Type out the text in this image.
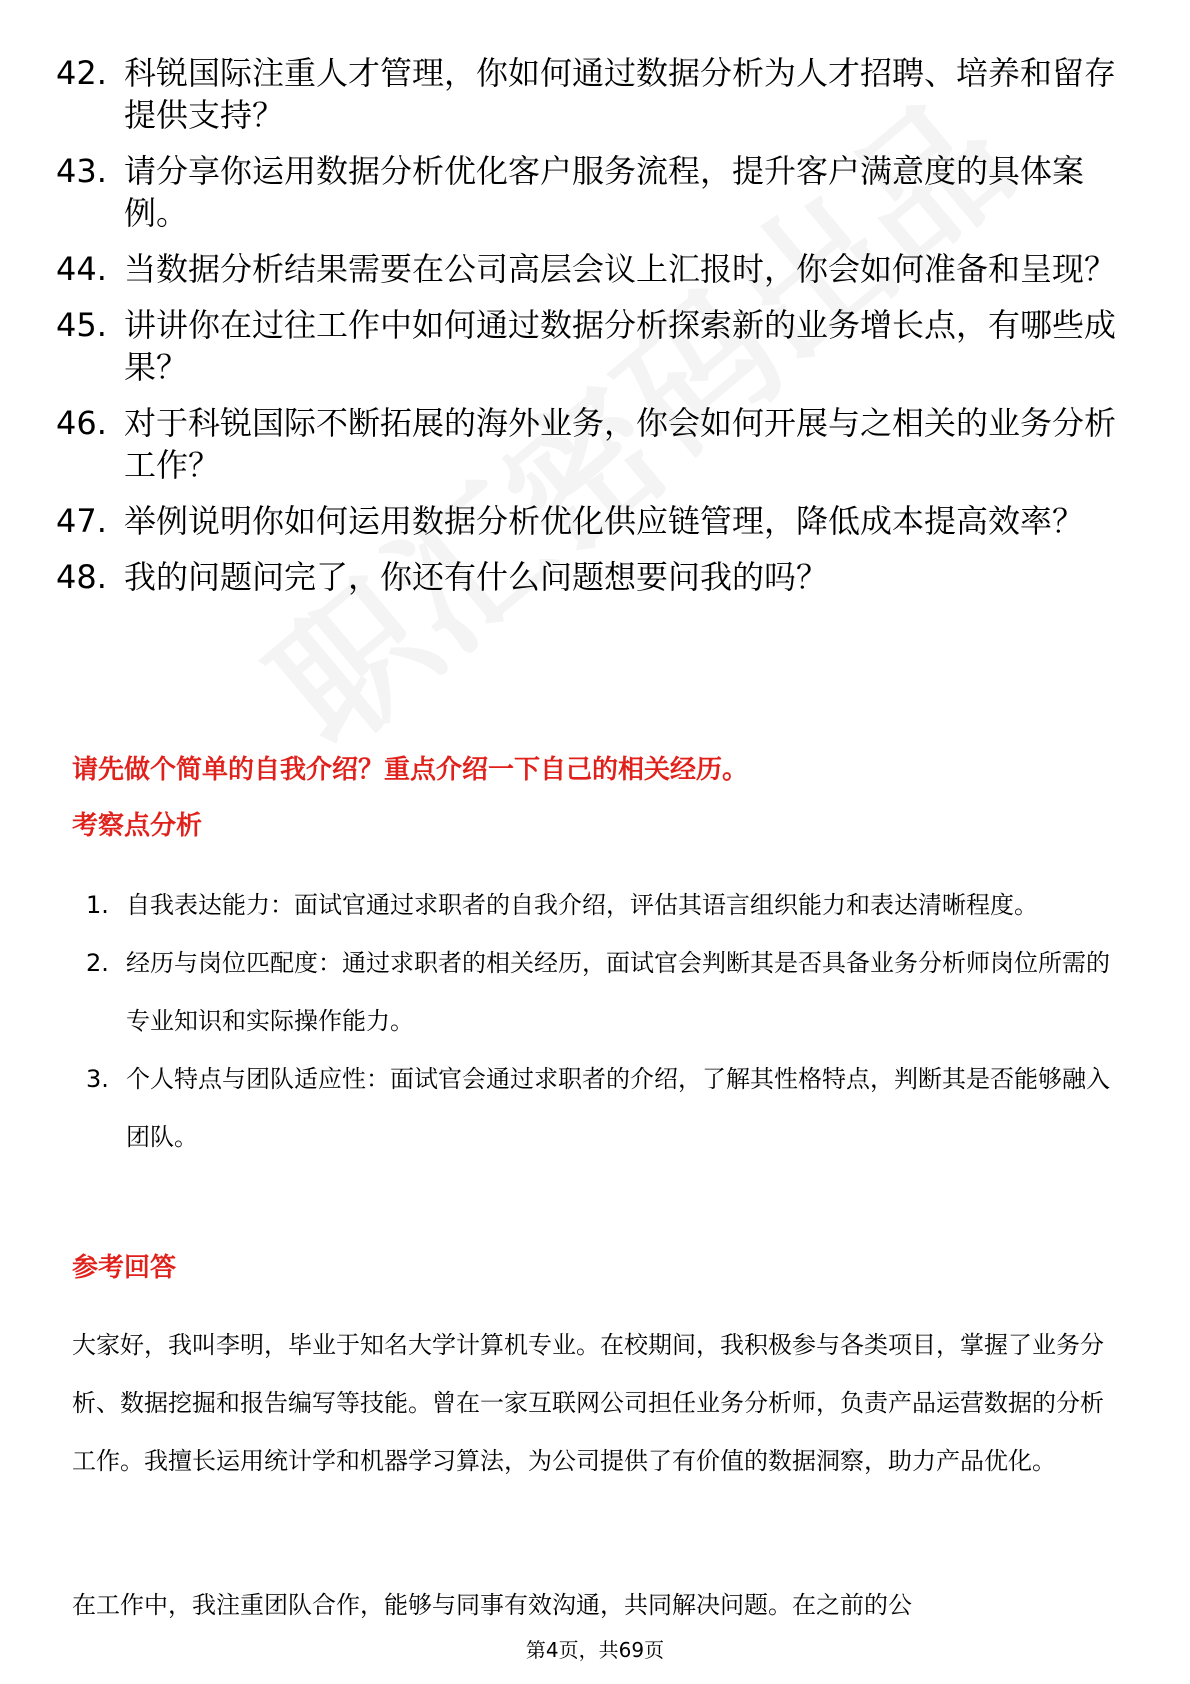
42. 科锐国际注重人才管理，你如何通过数据分析为人才招聘、培养和留存提供支持？
43. 请分享你运用数据分析优化客户服务流程，提升客户满意度的具体案例。
44. 当数据分析结果需要在公司高层会议上汇报时，你会如何准备和呈现？
45. 讲讲你在过往工作中如何通过数据分析探索新的业务增长点，有哪些成果？
46. 对于科锐国际不断拓展的海外业务，你会如何开展与之相关的业务分析工作？
47. 举例说明你如何运用数据分析优化供应链管理，降低成本提高效率？
48. 我的问题问完了，你还有什么问题想要问我的吗？
请先做个简单的自我介绍？重点介绍一下自己的相关经历。
考察点分析
1. 自我表达能力：面试官通过求职者的自我介绍，评估其语言组织能力和表达清晰程度。
2. 经历与岗位匹配度：通过求职者的相关经历，面试官会判断其是否具备业务分析师岗位所需的专业知识和实际操作能力。
3. 个人特点与团队适应性：面试官会通过求职者的介绍，了解其性格特点，判断其是否能够融入团队。
参考回答
大家好，我叫李明，毕业于知名大学计算机专业。在校期间，我积极参与各类项目，掌握了业务分析、数据挖掘和报告编写等技能。曾在一家互联网公司担任业务分析师，负责产品运营数据的分析工作。我擅长运用统计学和机器学习算法，为公司提供了有价值的数据洞察，助力产品优化。
在工作中，我注重团队合作，能够与同事有效沟通，共同解决问题。在之前的公
第4页，共69页
